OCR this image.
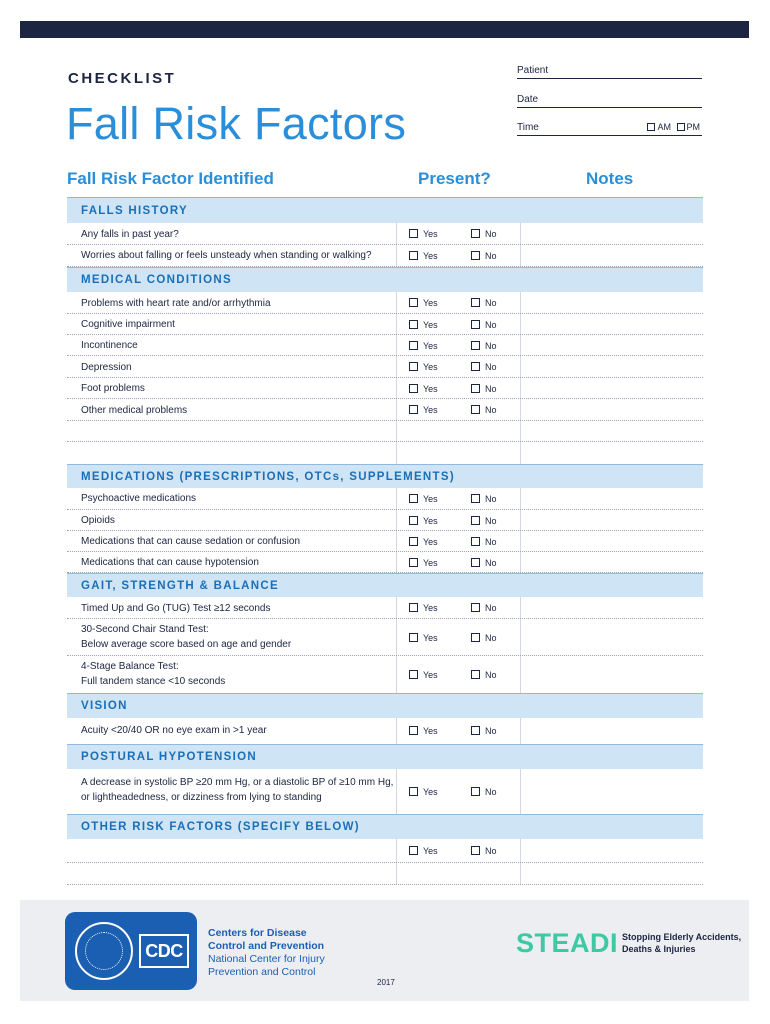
CHECKLIST
Fall Risk Factors
Patient
Date
Time	AM PM
Fall Risk Factor Identified	Present?	Notes
FALLS HISTORY
Any falls in past year?	Yes	No
Worries about falling or feels unsteady when standing or walking?	Yes	No
MEDICAL CONDITIONS
Problems with heart rate and/or arrhythmia	Yes	No
Cognitive impairment	Yes	No
Incontinence	Yes	No
Depression	Yes	No
Foot problems	Yes	No
Other medical problems	Yes	No
MEDICATIONS (PRESCRIPTIONS, OTCs, SUPPLEMENTS)
Psychoactive medications	Yes	No
Opioids	Yes	No
Medications that can cause sedation or confusion	Yes	No
Medications that can cause hypotension	Yes	No
GAIT, STRENGTH & BALANCE
Timed Up and Go (TUG) Test ≥12 seconds	Yes	No
30-Second Chair Stand Test:
Below average score based on age and gender
Yes	No
4-Stage Balance Test:
Full tandem stance <10 seconds
Yes	No
VISION
Acuity <20/40 OR no eye exam in >1 year	Yes	No
POSTURAL HYPOTENSION
A decrease in systolic BP ≥20 mm Hg, or a diastolic BP of ≥10 mm Hg,
or lightheadedness, or dizziness from lying to standing	Yes	No
OTHER RISK FACTORS (SPECIFY BELOW)
Yes	No
CDC
Centers for Disease
Control and Prevention
National Center for Injury
Prevention and Control
2017
STEADI Stopping Elderly Accidents,
Deaths & Injuries
